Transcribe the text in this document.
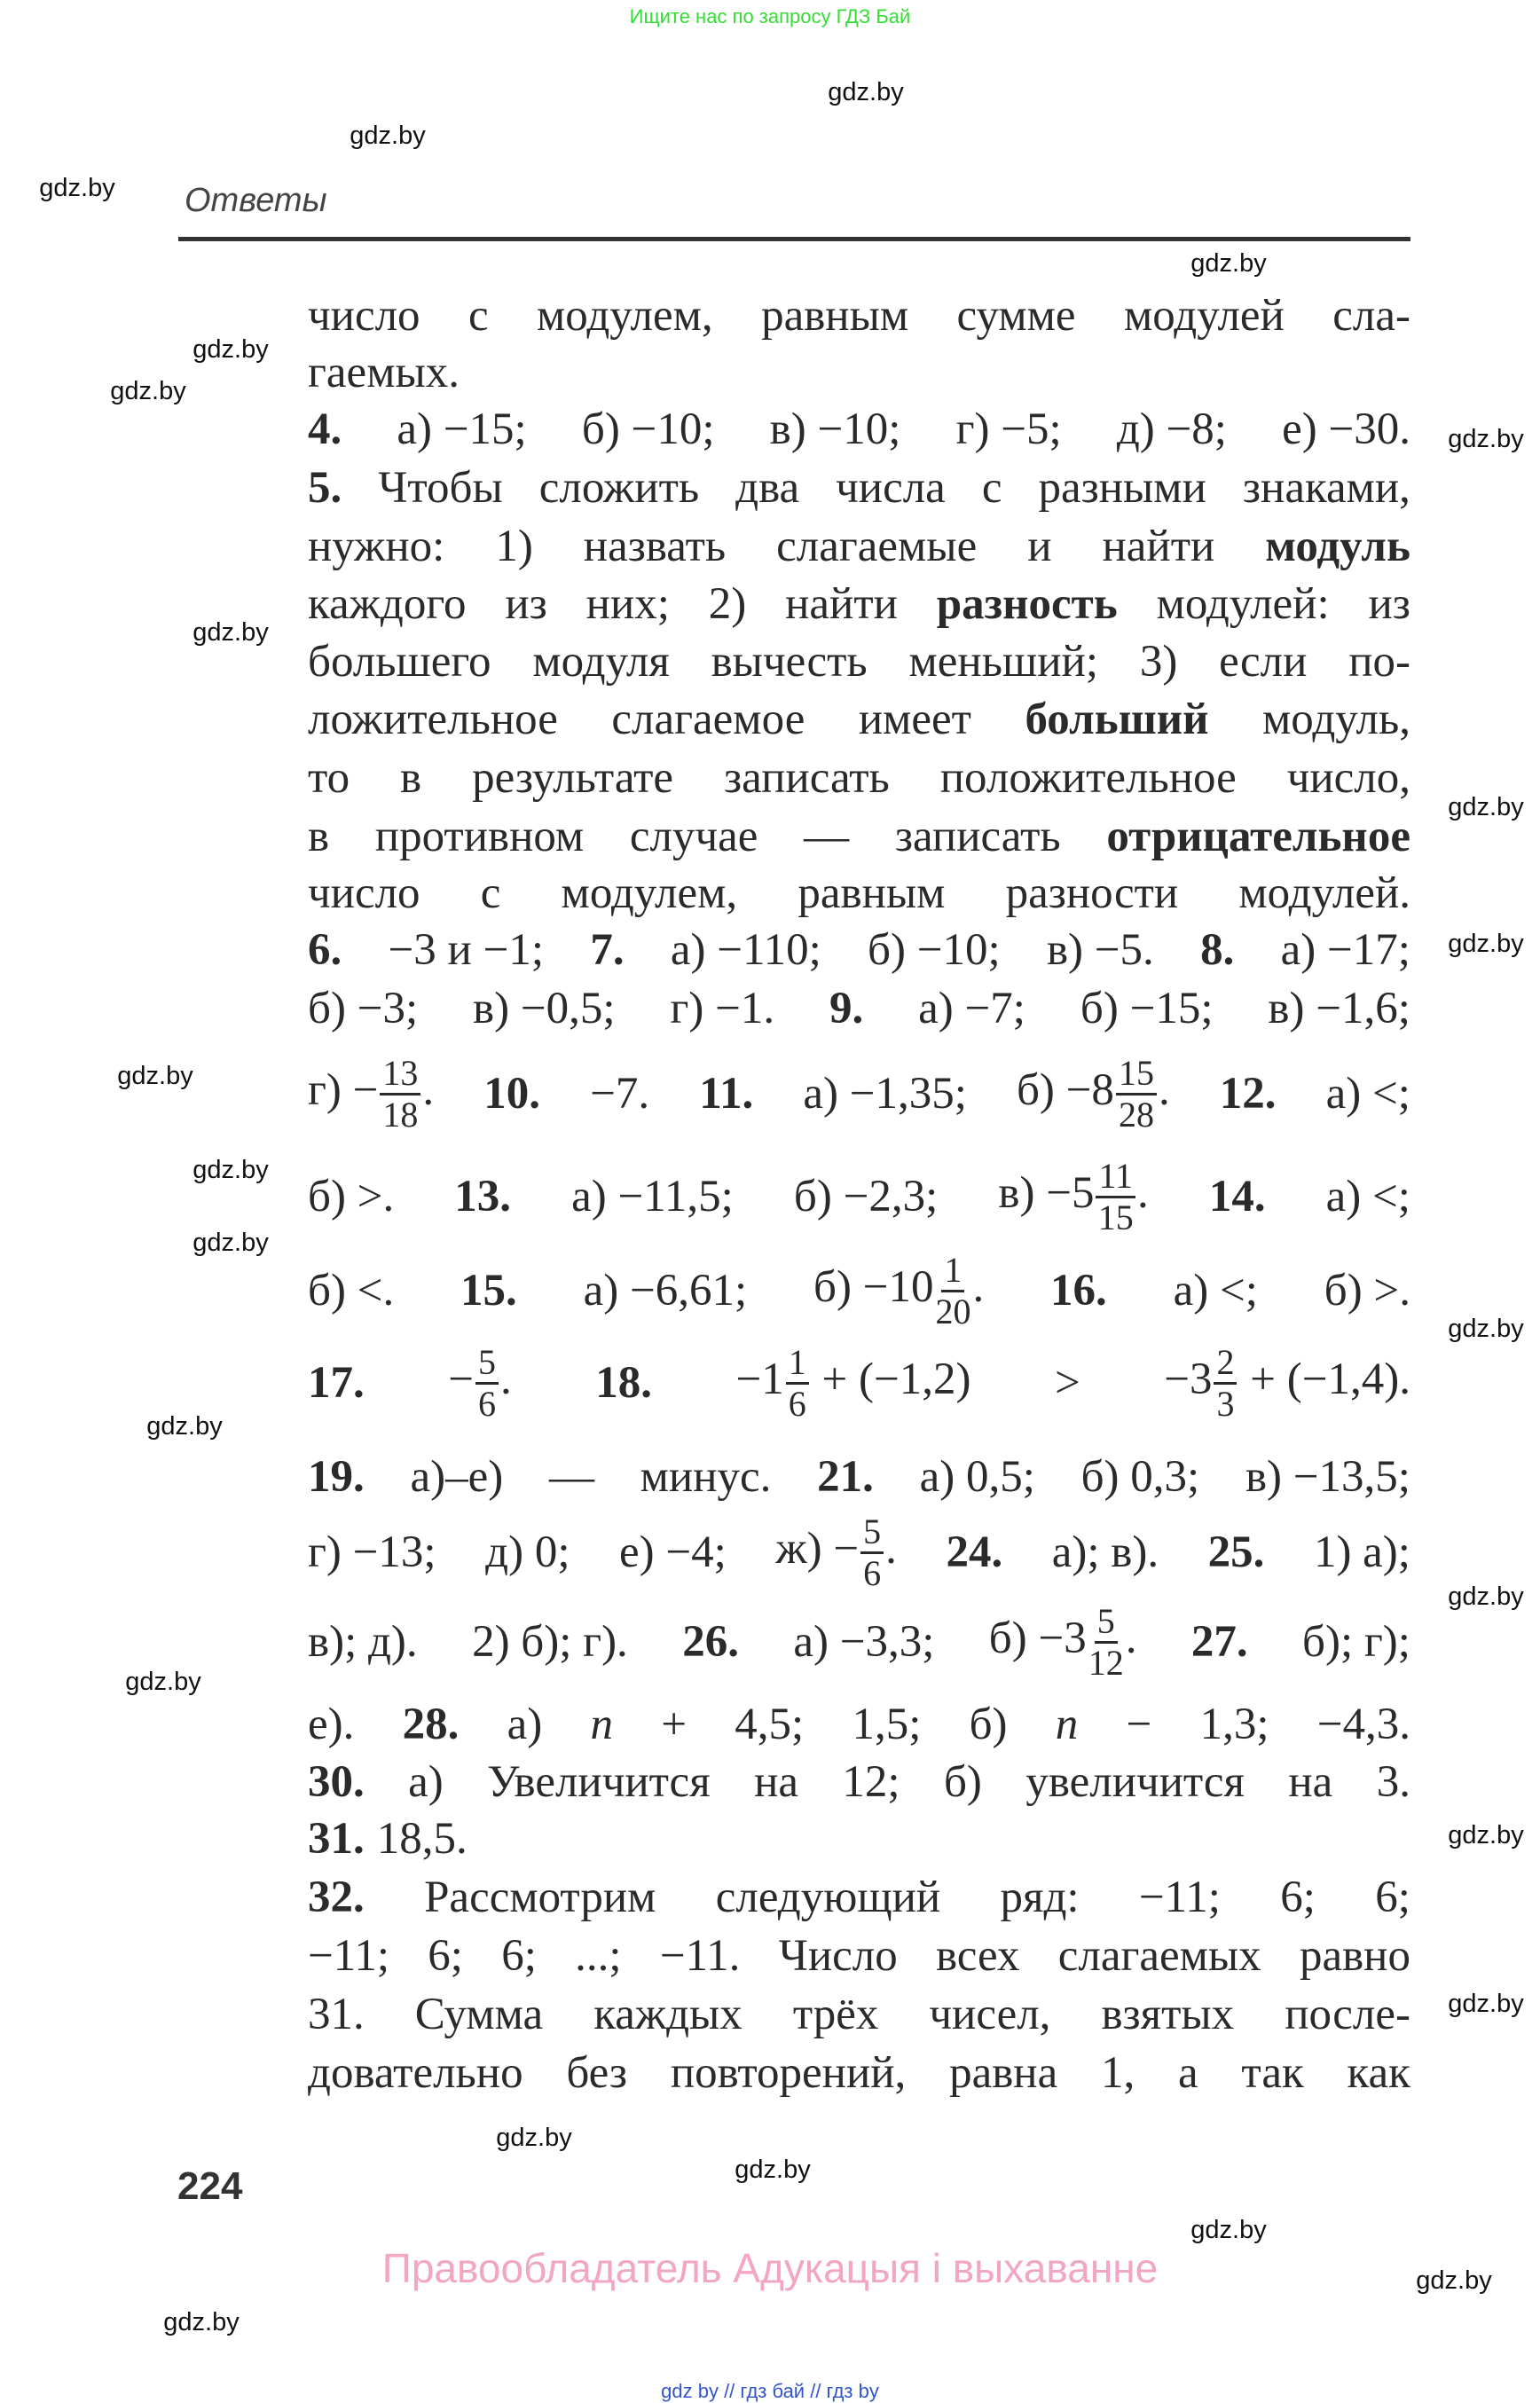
Ищите нас по запросу ГДЗ Бай
Ответы
число с модулем, равным сумме модулей сла-
гаемых.
4. а) −15; б) −10; в) −10; г) −5; д) −8; е) −30.
5. Чтобы сложить два числа с разными знаками,
нужно: 1) назвать слагаемые и найти модуль
каждого из них; 2) найти разность модулей: из
большего модуля вычесть меньший; 3) если по-
ложительное слагаемое имеет больший модуль,
то в результате записать положительное число,
в противном случае — записать отрицательное
число с модулем, равным разности модулей.
6. −3 и −1; 7. а) −110; б) −10; в) −5. 8. а) −17;
б) −3; в) −0,5; г) −1. 9. а) −7; б) −15; в) −1,6;
$г) - \frac{13}{18}$ . 10. −7. 11. а) −1,35; $б) -8 \frac{15}{28}$ . 12. а) <;
б) >. 13. а) −11,5; б) −2,3; $в) -5 \frac{11}{15}$ . 14. а) <;
б) <. 15. а) −6,61; $б) -10 \frac{1}{20}$ . 16. а) <; б) >.
17. − $\frac{5}{6}$ . 18. $-1 \frac{1}{6} + (-1,2) > -3 \frac{2}{3} + (-1,4)$.
19. а)–е) — минус. 21. а) 0,5; б) 0,3; в) −13,5;
г) −13; д) 0; е) −4; $ж) - \frac{5}{6}$ . 24. а); в). 25. 1) а);
в); д). 2) б); г). 26. а) −3,3; $б) -3 \frac{5}{12}$ . 27. б); г);
е). 28. а) n + 4,5; 1,5; б) n − 1,3; −4,3.
30. а) Увеличится на 12; б) увеличится на 3.
31. 18,5.
32. Рассмотрим следующий ряд: −11; 6; 6;
−11; 6; 6; ...; −11. Число всех слагаемых равно
31. Сумма каждых трёх чисел, взятых после-
довательно без повторений, равна 1, а так как
gdz.by
gdz.by
gdz.by
gdz.by
gdz.by
gdz.by
gdz.by
gdz.by
gdz.by
gdz.by
gdz.by
gdz.by
gdz.by
gdz.by
gdz.by
gdz.by
gdz.by
gdz.by
gdz.by
gdz.by
gdz.by
gdz.by
gdz.by
gdz.by
224
Правообладатель Адукацыя і выхаванне
gdz by // гдз бай // гдз by
